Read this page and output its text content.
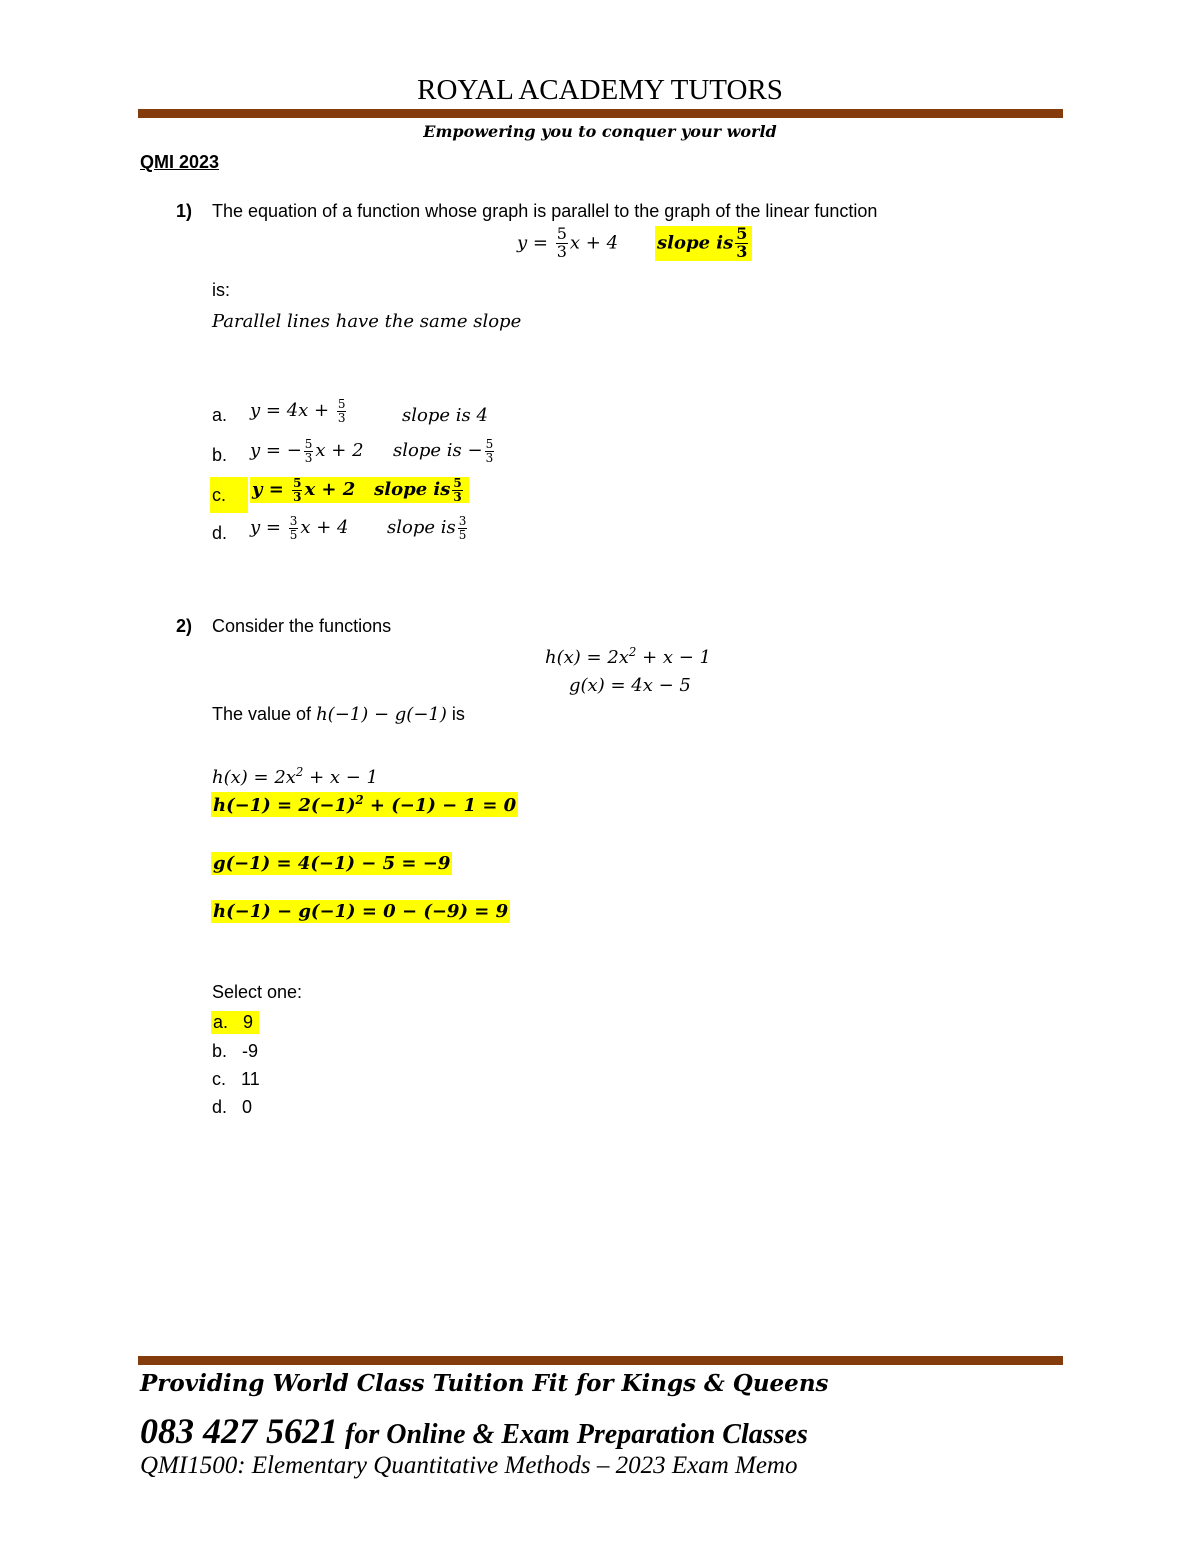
ROYAL ACADEMY TUTORS
Empowering you to conquer your world
QMI 2023
1) The equation of a function whose graph is parallel to the graph of the linear function
$y = \frac{5}{3}$ x + 4 slope is $\frac{5}{3}$
is:
Parallel lines have the same slope
a. $y = 4x + \frac{5}{3}$	slope is 4
b. y = − $\frac{5}{3}$ x + 2 slope is − $\frac{5}{3}$
c. $y = \frac{5}{3}$ x + 2 slope is $\frac{5}{3}$
d. $y = \frac{3}{5}$ x + 4 slope is $\frac{3}{5}$
2) Consider the functions
$h(x) = 2x^2 + x - 1$
g(x) = 4x − 5
The value of h(−1) − g(−1) is
$h(x) = 2x^2 + x - 1$
$h(-1) = 2(-1)^2 + (-1) - 1 = 0$
g(−1) = 4(−1) − 5 = −9
h(−1) − g(−1) = 0 − (−9) = 9
Select one:
a. 9
b. -9
c. 11
d. 0
Providing World Class Tuition Fit for Kings & Queens
083 427 5621 for Online & Exam Preparation Classes
QMI1500: Elementary Quantitative Methods – 2023 Exam Memo
